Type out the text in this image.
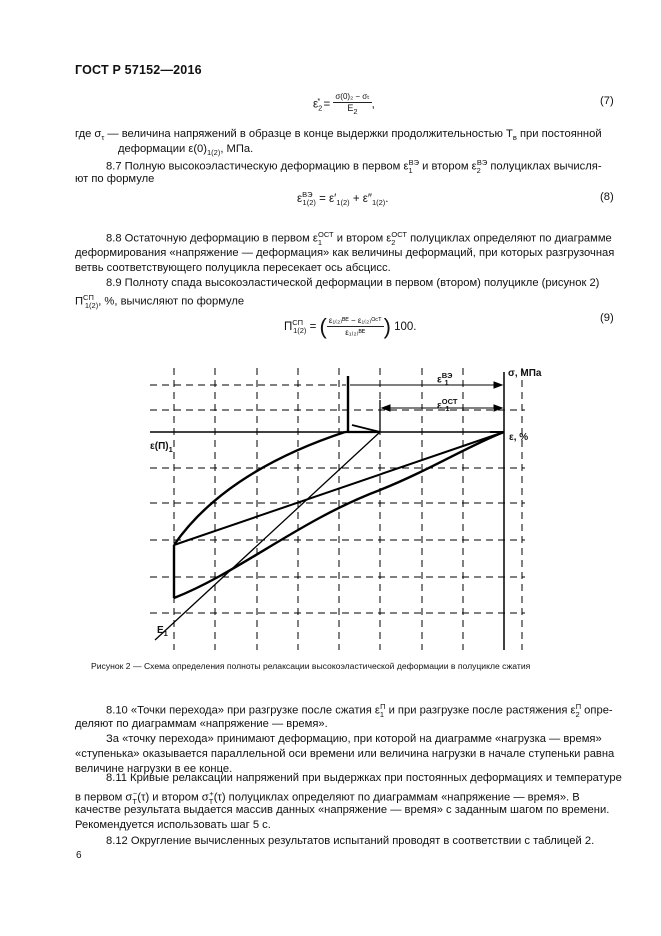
ГОСТ Р 57152—2016
$\varepsilon_2^* = \frac{\text{σ(0)₂ − σₜ}}{E_2}$ ,	(7)
где $\sigma_\tau$ — величина напряжений в образце в конце выдержки продолжительностью $T_в$ при постоянной
деформации $\varepsilon(0)_{1(2)}$, МПа.
8.7 Полную высокоэластическую деформацию в первом $\varepsilon_1^{ВЭ}$ и втором $\varepsilon_2^{ВЭ}$ полуциклах вычисля-
ют по формуле
$\varepsilon^{ВЭ}_{1(2)} = \varepsilon'_{1(2)} + \varepsilon''_{1(2)}$.	(8)
8.8 Остаточную деформацию в первом $\varepsilon_1^{ОСТ}$ и втором $\varepsilon_2^{ОСТ}$ полуциклах определяют по диаграмме
деформирования «напряжение — деформация» как величины деформаций, при которых разгрузочная
ветвь соответствующего полуцикла пересекает ось абсцисс.
8.9 Полноту спада высокоэластической деформации в первом (втором) полуцикле (рисунок 2)
$П^{СП}_{1(2)}$, %, вычисляют по формуле
$П^{СП}_{1(2)}$ = ( $\frac{\text{ε₁₍₂₎ᴮᴱ − ε₁₍₂₎ᴼᶜᵀ}}{\text{ε₁₍₂₎ᴮᴱ}}$ ) 100.
(9)
σ, МПа
ε, %
$\varepsilon^{ВЭ}_1$
$\varepsilon^{ОСТ}_1$
$\varepsilon(П)_1$
$E_1$
Рисунок 2 — Схема определения полноты релаксации высокоэластической деформации в полуцикле сжатия
8.10 «Точки перехода» при разгрузке после сжатия $\varepsilon_1^П$ и при разгрузке после растяжения $\varepsilon_2^П$ опре-
деляют по диаграммам «напряжение — время».
За «точку перехода» принимают деформацию, при которой на диаграмме «нагрузка — время»
«ступенька» оказывается параллельной оси времени или величина нагрузки в начале ступеньки равна
величине нагрузки в ее конце.
8.11 Кривые релаксации напряжений при выдержках при постоянных деформациях и температуре
в первом $\sigma_T^-(\tau)$ и втором $\sigma_T^+(\tau)$ полуциклах определяют по диаграммам «напряжение — время». В
качестве результата выдается массив данных «напряжение — время» с заданным шагом по времени.
Рекомендуется использовать шаг 5 с.
8.12 Округление вычисленных результатов испытаний проводят в соответствии с таблицей 2.
6
